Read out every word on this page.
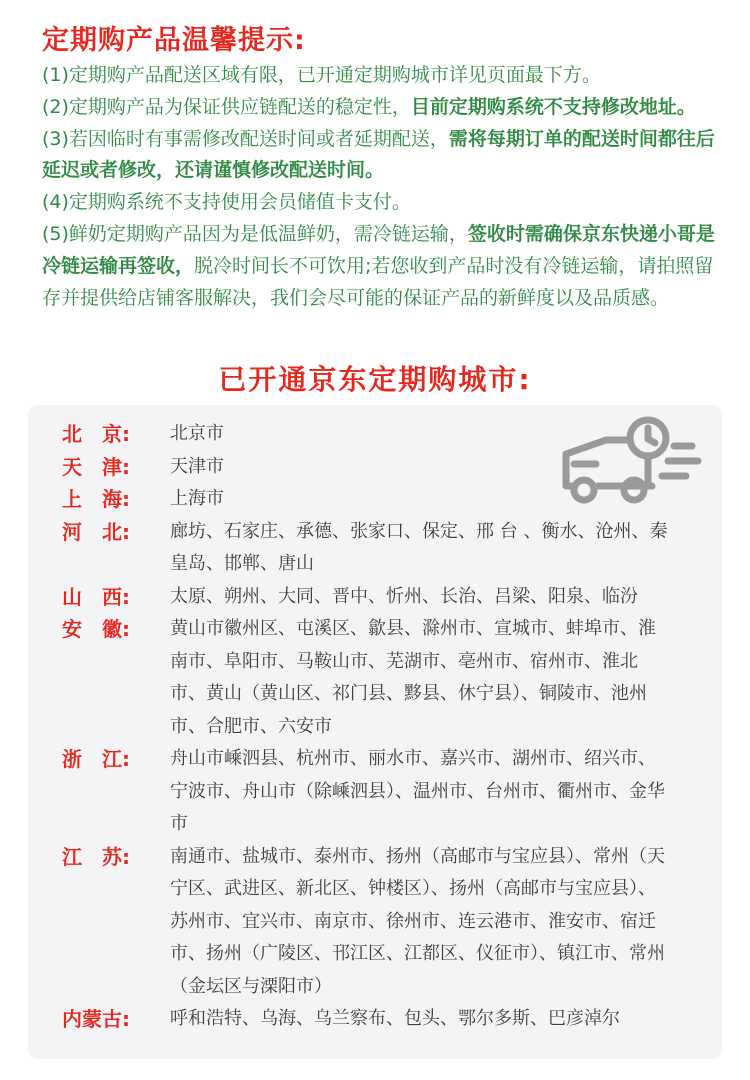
定期购产品温馨提示:

(1)定期购产品配送区域有限，已开通定期购城市详见页面最下方。

(2)定期购产品为保证供应链配送的稳定性，目前定期购系统不支持修改地址。

(3)若因临时有事需修改配送时间或者延期配送，需将每期订单的配送时间都往后延迟或者修改，还请谨慎修改配送时间。

(4)定期购系统不支持使用会员储值卡支付。

(5)鲜奶定期购产品因为是低温鲜奶，需冷链运输，签收时需确保京东快递小哥是冷链运输再签收，脱冷时间长不可饮用;若您收到产品时没有冷链运输，请拍照留存并提供给店铺客服解决，我们会尽可能的保证产品的新鲜度以及品质感。

已开通京东定期购城市:
北　京:	北京市
天　津:	天津市
上　海:	上海市
河　北:	廊坊、石家庄、承德、张家口、保定、邢 台 、衡水、沧州、秦皇岛、邯郸、唐山
山　西:	太原、朔州、大同、晋中、忻州、长治、吕梁、阳泉、临汾
安　徽:	黄山市徽州区、屯溪区、歙县、滁州市、宣城市、蚌埠市、淮南市、阜阳市、马鞍山市、芜湖市、亳州市、宿州市、淮北市、黄山（黄山区、祁门县、黟县、休宁县）、铜陵市、池州市、合肥市、六安市
浙　江:	舟山市嵊泗县、杭州市、丽水市、嘉兴市、湖州市、绍兴市、宁波市、舟山市（除嵊泗县）、温州市、台州市、衢州市、金华市
江　苏:	南通市、盐城市、泰州市、扬州（高邮市与宝应县）、常州（天宁区、武进区、新北区、钟楼区）、扬州（高邮市与宝应县）、苏州市、宜兴市、南京市、徐州市、连云港市、淮安市、宿迁市、扬州（广陵区、邗江区、江都区、仪征市）、镇江市、常州（金坛区与溧阳市）
内蒙古:	呼和浩特、乌海、乌兰察布、包头、鄂尔多斯、巴彦淖尔
